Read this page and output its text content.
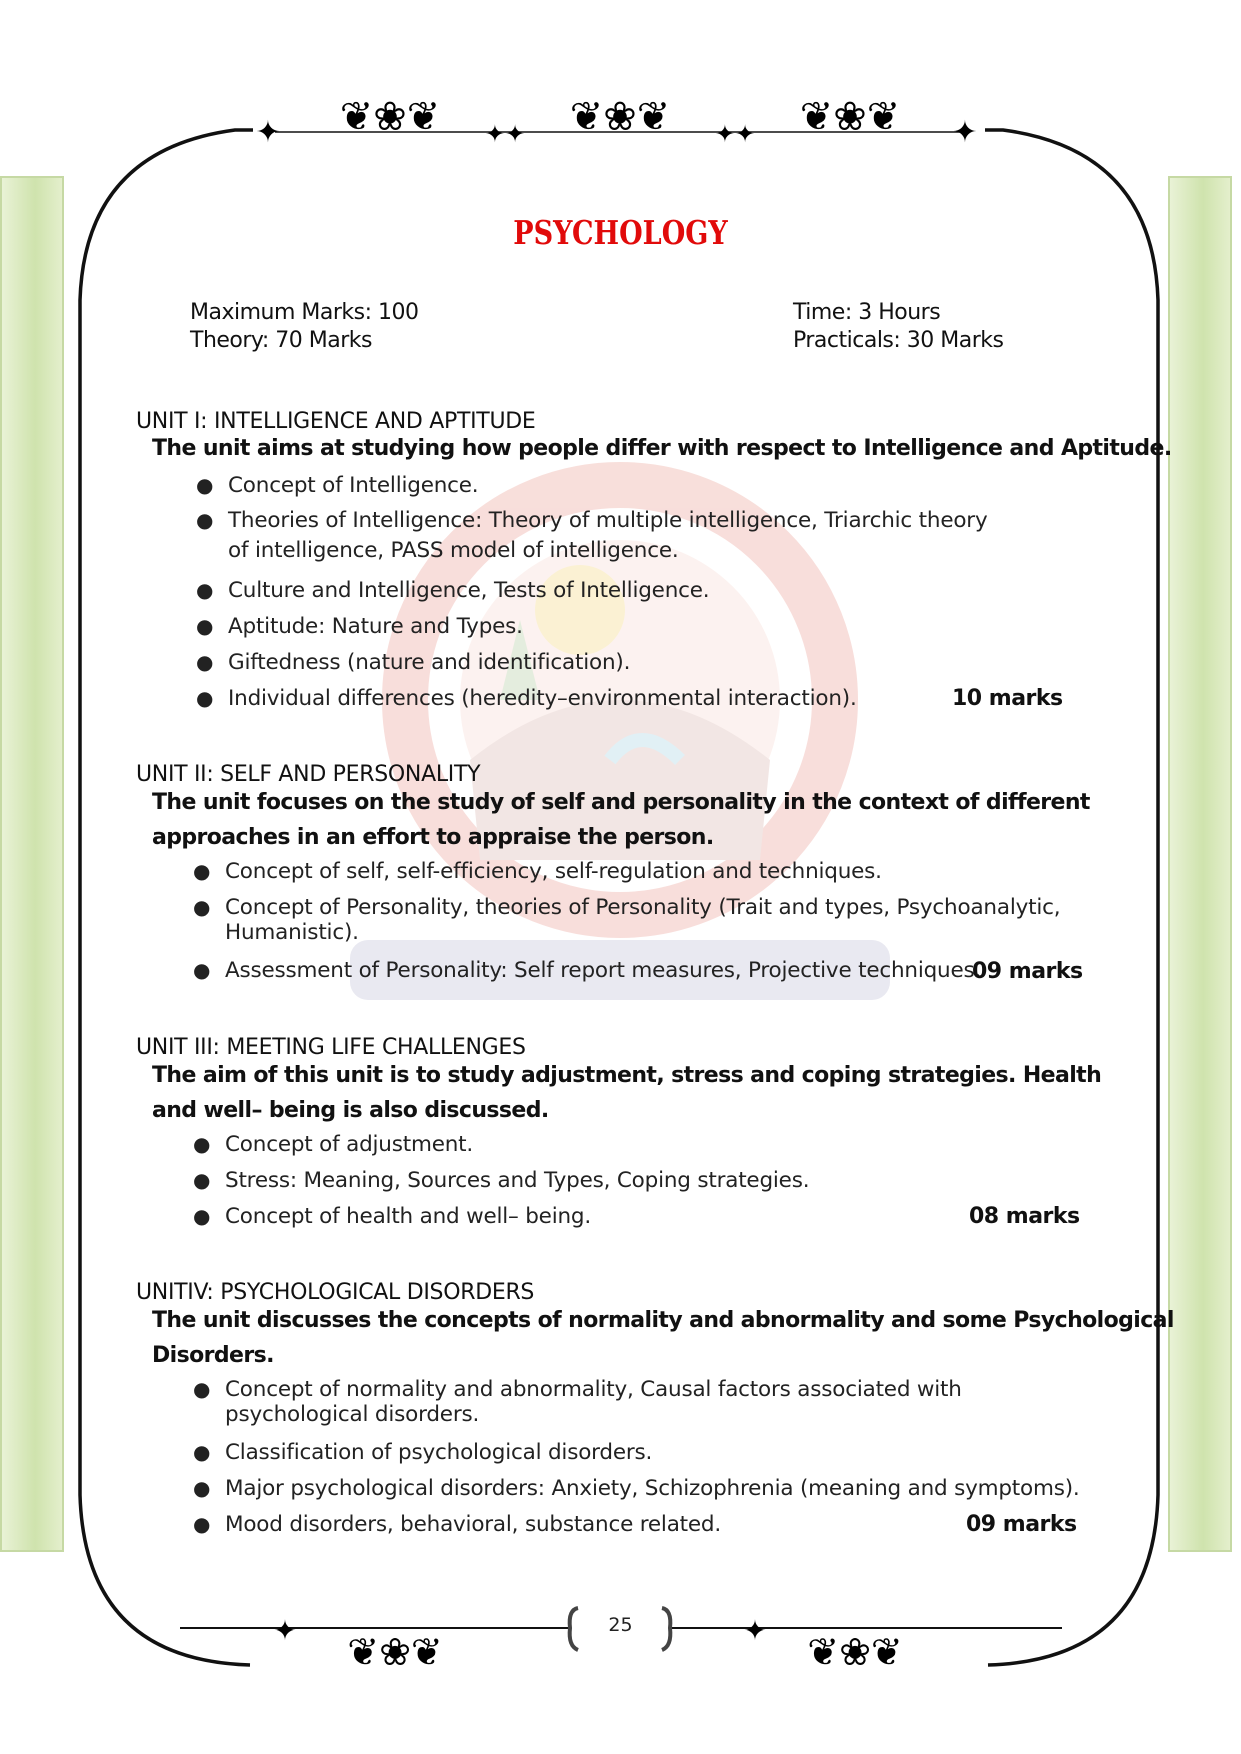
✦	✦
✦✦	✦✦
❦❀❦	❦❀❦	❦❀❦
✦	✦
❦❀❦	❦❀❦
PSYCHOLOGY
Maximum Marks: 100
Theory: 70 Marks
Time: 3 Hours
Practicals: 30 Marks
UNIT I: INTELLIGENCE AND APTITUDE
The unit aims at studying how people differ with respect to Intelligence and Aptitude.
● Concept of Intelligence.
● Theories of Intelligence: Theory of multiple intelligence, Triarchic theory
of intelligence, PASS model of intelligence.
● Culture and Intelligence, Tests of Intelligence.
● Aptitude: Nature and Types.
● Giftedness (nature and identification).
● Individual differences (heredity–environmental interaction).	10 marks
UNIT II: SELF AND PERSONALITY
The unit focuses on the study of self and personality in the context of different
approaches in an effort to appraise the person.
● Concept of self, self-efficiency, self-regulation and techniques.
● Concept of Personality, theories of Personality (Trait and types, Psychoanalytic,
Humanistic).
● Assessment of Personality: Self report measures, Projective techniques.
09 marks
UNIT III: MEETING LIFE CHALLENGES
The aim of this unit is to study adjustment, stress and coping strategies. Health
and well– being is also discussed.
● Concept of adjustment.
● Stress: Meaning, Sources and Types, Coping strategies.
● Concept of health and well– being.	08 marks
UNITIV: PSYCHOLOGICAL DISORDERS
The unit discusses the concepts of normality and abnormality and some Psychological
Disorders.
● Concept of normality and abnormality, Causal factors associated with
psychological disorders.
● Classification of psychological disorders.
● Major psychological disorders: Anxiety, Schizophrenia (meaning and symptoms).
● Mood disorders, behavioral, substance related.	09 marks
25
